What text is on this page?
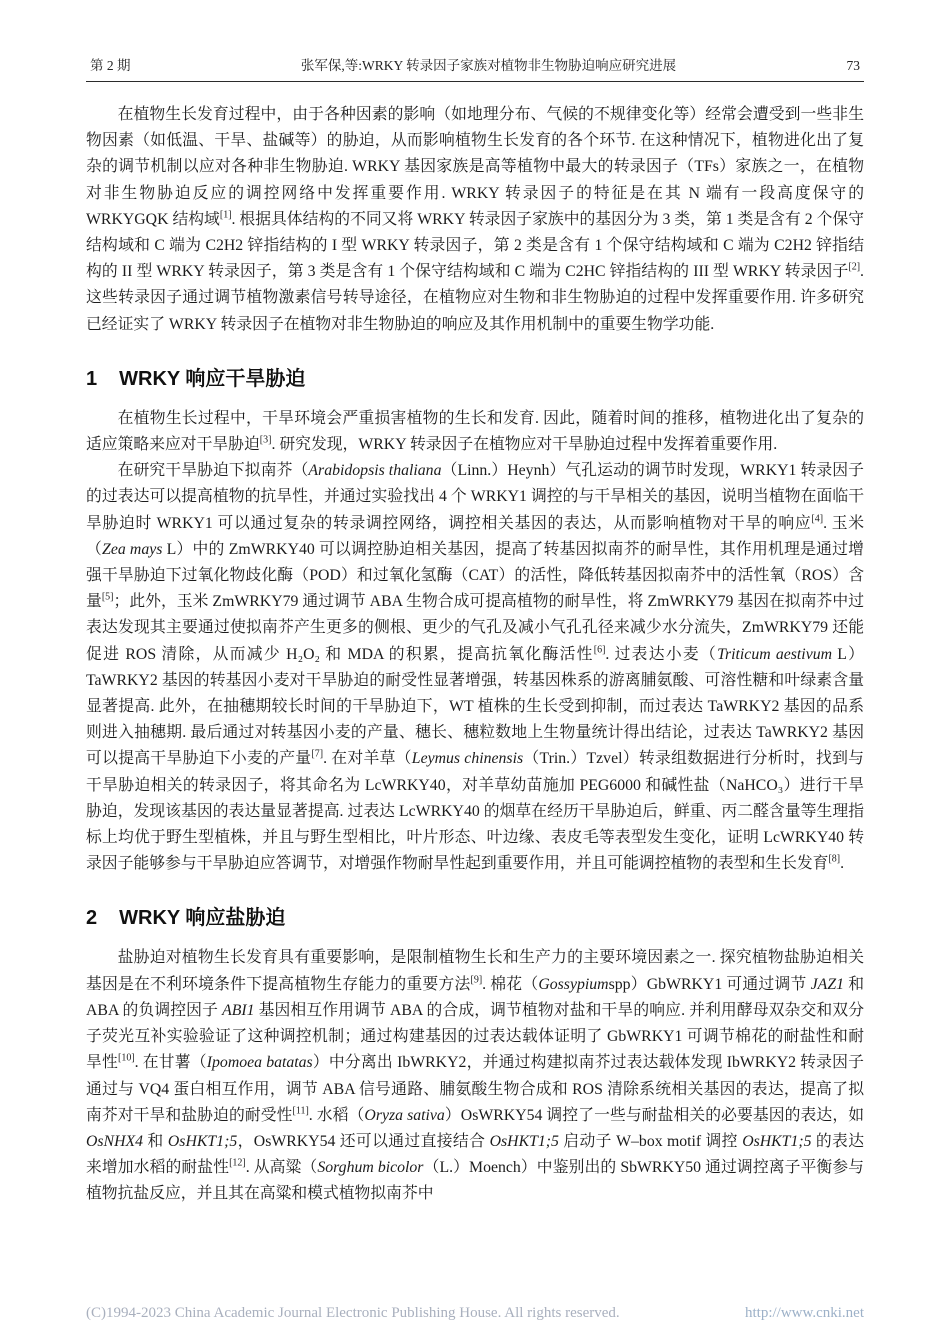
第 2 期	张军保,等:WRKY 转录因子家族对植物非生物胁迫响应研究进展	73

在植物生长发育过程中，由于各种因素的影响（如地理分布、气候的不规律变化等）经常会遭受到一些非生物因素（如低温、干旱、盐碱等）的胁迫，从而影响植物生长发育的各个环节. 在这种情况下，植物进化出了复杂的调节机制以应对各种非生物胁迫. WRKY 基因家族是高等植物中最大的转录因子（TFs）家族之一，在植物对非生物胁迫反应的调控网络中发挥重要作用. WRKY 转录因子的特征是在其 N 端有一段高度保守的 WRKYGQK 结构域[1]. 根据具体结构的不同又将 WRKY 转录因子家族中的基因分为 3 类，第 1 类是含有 2 个保守结构域和 C 端为 C2H2 锌指结构的 I 型 WRKY 转录因子，第 2 类是含有 1 个保守结构域和 C 端为 C2H2 锌指结构的 II 型 WRKY 转录因子，第 3 类是含有 1 个保守结构域和 C 端为 C2HC 锌指结构的 III 型 WRKY 转录因子[2]. 这些转录因子通过调节植物激素信号转导途径，在植物应对生物和非生物胁迫的过程中发挥重要作用. 许多研究已经证实了 WRKY 转录因子在植物对非生物胁迫的响应及其作用机制中的重要生物学功能.

1 WRKY 响应干旱胁迫

在植物生长过程中，干旱环境会严重损害植物的生长和发育. 因此，随着时间的推移，植物进化出了复杂的适应策略来应对干旱胁迫[3]. 研究发现，WRKY 转录因子在植物应对干旱胁迫过程中发挥着重要作用.

在研究干旱胁迫下拟南芥（Arabidopsis thaliana（Linn.）Heynh）气孔运动的调节时发现，WRKY1 转录因子的过表达可以提高植物的抗旱性，并通过实验找出 4 个 WRKY1 调控的与干旱相关的基因，说明当植物在面临干旱胁迫时 WRKY1 可以通过复杂的转录调控网络，调控相关基因的表达，从而影响植物对干旱的响应[4]. 玉米（Zea mays L）中的 ZmWRKY40 可以调控胁迫相关基因，提高了转基因拟南芥的耐旱性，其作用机理是通过增强干旱胁迫下过氧化物歧化酶（POD）和过氧化氢酶（CAT）的活性，降低转基因拟南芥中的活性氧（ROS）含量[5]；此外，玉米 ZmWRKY79 通过调节 ABA 生物合成可提高植物的耐旱性，将 ZmWRKY79 基因在拟南芥中过表达发现其主要通过使拟南芥产生更多的侧根、更少的气孔及减小气孔孔径来减少水分流失，ZmWRKY79 还能促进 ROS 清除，从而减少 H₂O₂ 和 MDA 的积累，提高抗氧化酶活性[6]. 过表达小麦（Triticum aestivum L）TaWRKY2 基因的转基因小麦对干旱胁迫的耐受性显著增强，转基因株系的游离脯氨酸、可溶性糖和叶绿素含量显著提高. 此外，在抽穗期较长时间的干旱胁迫下，WT 植株的生长受到抑制，而过表达 TaWRKY2 基因的品系则进入抽穗期. 最后通过对转基因小麦的产量、穗长、穗粒数地上生物量统计得出结论，过表达 TaWRKY2 基因可以提高干旱胁迫下小麦的产量[7]. 在对羊草（Leymus chinensis（Trin.）Tzvel）转录组数据进行分析时，找到与干旱胁迫相关的转录因子，将其命名为 LcWRKY40，对羊草幼苗施加 PEG6000 和碱性盐（NaHCO₃）进行干旱胁迫，发现该基因的表达量显著提高. 过表达 LcWRKY40 的烟草在经历干旱胁迫后，鲜重、丙二醛含量等生理指标上均优于野生型植株，并且与野生型相比，叶片形态、叶边缘、表皮毛等表型发生变化，证明 LcWRKY40 转录因子能够参与干旱胁迫应答调节，对增强作物耐旱性起到重要作用，并且可能调控植物的表型和生长发育[8].

2 WRKY 响应盐胁迫

盐胁迫对植物生长发育具有重要影响，是限制植物生长和生产力的主要环境因素之一. 探究植物盐胁迫相关基因是在不利环境条件下提高植物生存能力的重要方法[9]. 棉花（Gossypiumspp）GbWRKY1 可通过调节 JAZ1 和 ABA 的负调控因子 ABI1 基因相互作用调节 ABA 的合成，调节植物对盐和干旱的响应. 并利用酵母双杂交和双分子荧光互补实验验证了这种调控机制；通过构建基因的过表达载体证明了 GbWRKY1 可调节棉花的耐盐性和耐旱性[10]. 在甘薯（Ipomoea batatas）中分离出 IbWRKY2，并通过构建拟南芥过表达载体发现 IbWRKY2 转录因子通过与 VQ4 蛋白相互作用，调节 ABA 信号通路、脯氨酸生物合成和 ROS 清除系统相关基因的表达，提高了拟南芥对干旱和盐胁迫的耐受性[11]. 水稻（Oryza sativa）OsWRKY54 调控了一些与耐盐相关的必要基因的表达，如 OsNHX4 和 OsHKT1;5，OsWRKY54 还可以通过直接结合 OsHKT1;5 启动子 W–box motif 调控 OsHKT1;5 的表达来增加水稻的耐盐性[12]. 从高粱（Sorghum bicolor（L.）Moench）中鉴别出的 SbWRKY50 通过调控离子平衡参与植物抗盐反应，并且其在高粱和模式植物拟南芥中

(C)1994-2023 China Academic Journal Electronic Publishing House. All rights reserved.	http://www.cnki.net
